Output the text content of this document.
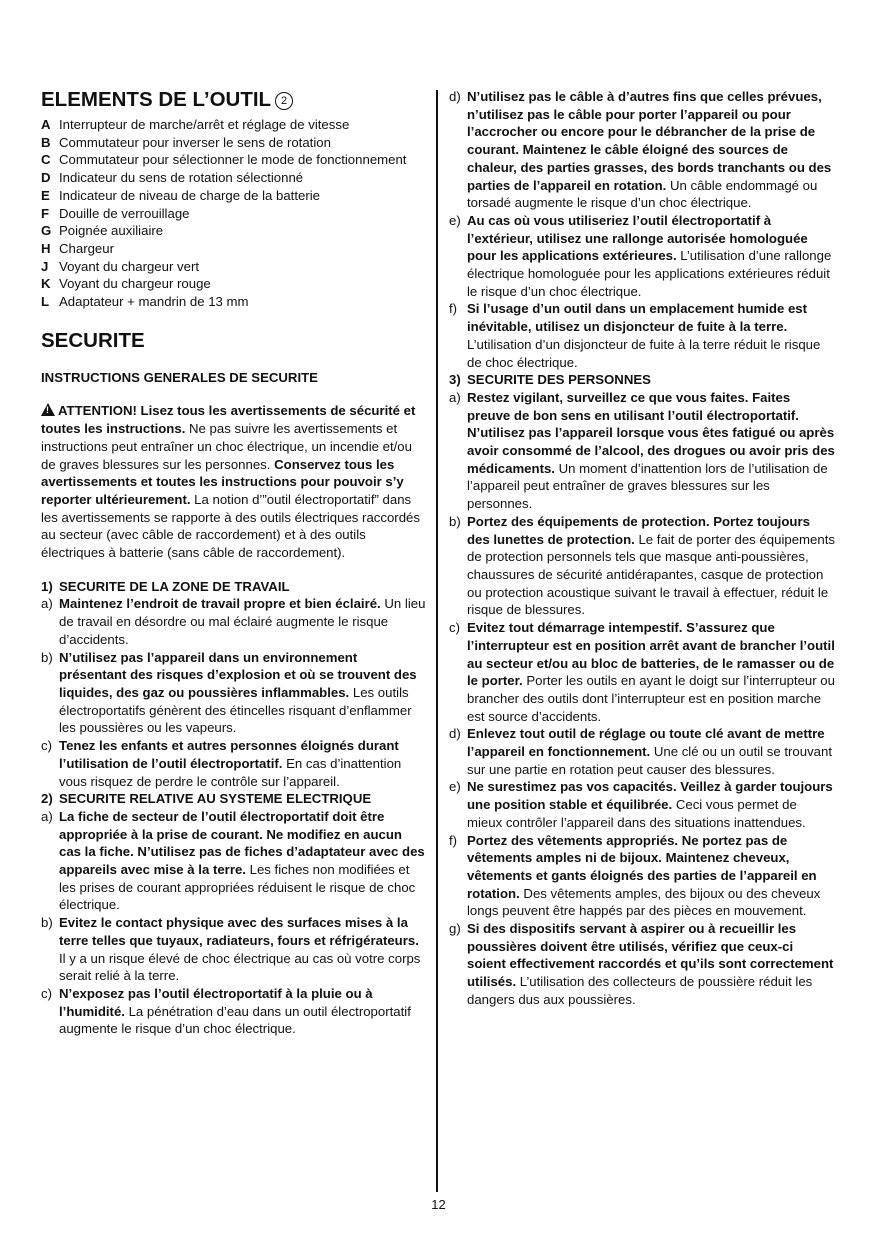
ELEMENTS DE L’OUTIL 2
A Interrupteur de marche/arrêt et réglage de vitesse
B Commutateur pour inverser le sens de rotation
C Commutateur pour sélectionner le mode de fonctionnement
D Indicateur du sens de rotation sélectionné
E Indicateur de niveau de charge de la batterie
F Douille de verrouillage
G Poignée auxiliaire
H Chargeur
J Voyant du chargeur vert
K Voyant du chargeur rouge
L Adaptateur + mandrin de 13 mm
SECURITE
INSTRUCTIONS GENERALES DE SECURITE
!ATTENTION! Lisez tous les avertissements de sécurité et toutes les instructions. Ne pas suivre les avertissements et instructions peut entraîner un choc électrique, un incendie et/ou de graves blessures sur les personnes. Conservez tous les avertissements et toutes les instructions pour pouvoir s’y reporter ultérieurement. La notion d’”outil électroportatif” dans les avertissements se rapporte à des outils électriques raccordés au secteur (avec câble de raccordement) et à des outils électriques à batterie (sans câble de raccordement).
1) SECURITE DE LA ZONE DE TRAVAIL
a) Maintenez l’endroit de travail propre et bien éclairé. Un lieu de travail en désordre ou mal éclairé augmente le risque d’accidents.
b) N’utilisez pas l’appareil dans un environnement présentant des risques d’explosion et où se trouvent des liquides, des gaz ou poussières inflammables. Les outils électroportatifs génèrent des étincelles risquant d’enflammer les poussières ou les vapeurs.
c) Tenez les enfants et autres personnes éloignés durant l’utilisation de l’outil électroportatif. En cas d’inattention vous risquez de perdre le contrôle sur l’appareil.
2) SECURITE RELATIVE AU SYSTEME ELECTRIQUE
a) La fiche de secteur de l’outil électroportatif doit être appropriée à la prise de courant. Ne modifiez en aucun cas la fiche. N’utilisez pas de fiches d’adaptateur avec des appareils avec mise à la terre. Les fiches non modifiées et les prises de courant appropriées réduisent le risque de choc électrique.
b) Evitez le contact physique avec des surfaces mises à la terre telles que tuyaux, radiateurs, fours et réfrigérateurs. Il y a un risque élevé de choc électrique au cas où votre corps serait relié à la terre.
c) N’exposez pas l’outil électroportatif à la pluie ou à l’humidité. La pénétration d’eau dans un outil électroportatif augmente le risque d’un choc électrique.
d) N’utilisez pas le câble à d’autres fins que celles prévues, n’utilisez pas le câble pour porter l’appareil ou pour l’accrocher ou encore pour le débrancher de la prise de courant. Maintenez le câble éloigné des sources de chaleur, des parties grasses, des bords tranchants ou des parties de l’appareil en rotation. Un câble endommagé ou torsadé augmente le risque d’un choc électrique.
e) Au cas où vous utiliseriez l’outil électroportatif à l’extérieur, utilisez une rallonge autorisée homologuée pour les applications extérieures. L’utilisation d’une rallonge électrique homologuée pour les applications extérieures réduit le risque d’un choc électrique.
f) Si l’usage d’un outil dans un emplacement humide est inévitable, utilisez un disjoncteur de fuite à la terre. L’utilisation d’un disjoncteur de fuite à la terre réduit le risque de choc électrique.
3) SECURITE DES PERSONNES
a) Restez vigilant, surveillez ce que vous faites. Faites preuve de bon sens en utilisant l’outil électroportatif. N’utilisez pas l’appareil lorsque vous êtes fatigué ou après avoir consommé de l’alcool, des drogues ou avoir pris des médicaments. Un moment d’inattention lors de l’utilisation de l’appareil peut entraîner de graves blessures sur les personnes.
b) Portez des équipements de protection. Portez toujours des lunettes de protection. Le fait de porter des équipements de protection personnels tels que masque anti-poussières, chaussures de sécurité antidérapantes, casque de protection ou protection acoustique suivant le travail à effectuer, réduit le risque de blessures.
c) Evitez tout démarrage intempestif. S’assurez que l’interrupteur est en position arrêt avant de brancher l’outil au secteur et/ou au bloc de batteries, de le ramasser ou de le porter. Porter les outils en ayant le doigt sur l’interrupteur ou brancher des outils dont l’interrupteur est en position marche est source d’accidents.
d) Enlevez tout outil de réglage ou toute clé avant de mettre l’appareil en fonctionnement. Une clé ou un outil se trouvant sur une partie en rotation peut causer des blessures.
e) Ne surestimez pas vos capacités. Veillez à garder toujours une position stable et équilibrée. Ceci vous permet de mieux contrôler l’appareil dans des situations inattendues.
f) Portez des vêtements appropriés. Ne portez pas de vêtements amples ni de bijoux. Maintenez cheveux, vêtements et gants éloignés des parties de l’appareil en rotation. Des vêtements amples, des bijoux ou des cheveux longs peuvent être happés par des pièces en mouvement.
g) Si des dispositifs servant à aspirer ou à recueillir les poussières doivent être utilisés, vérifiez que ceux-ci soient effectivement raccordés et qu’ils sont correctement utilisés. L’utilisation des collecteurs de poussière réduit les dangers dus aux poussières.
12
